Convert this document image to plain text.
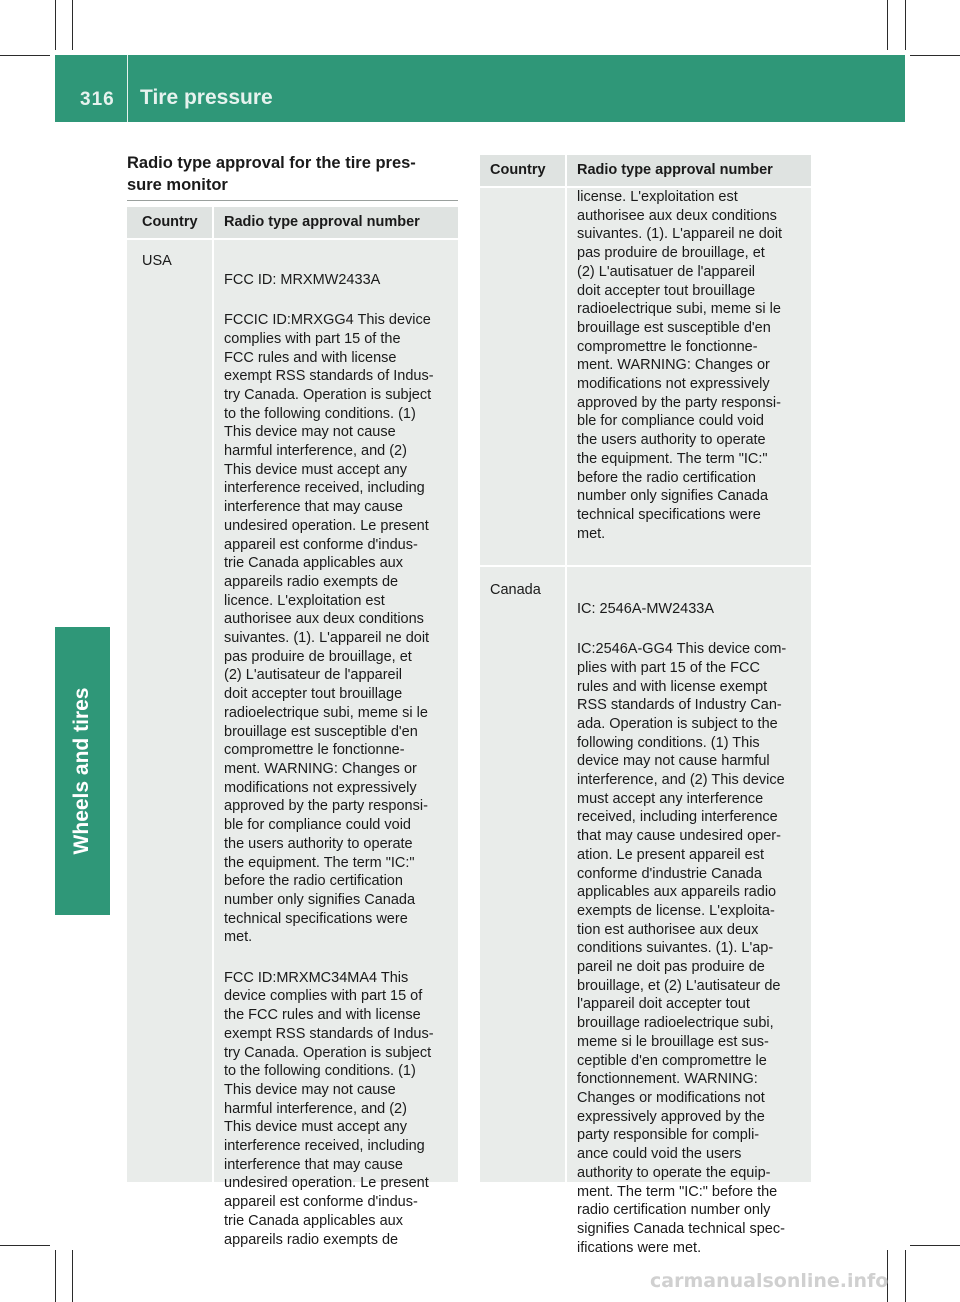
316 Tire pressure
Wheels and tires
Radio type approval for the tire pres-
sure monitor
Country Radio type approval number
USA

FCC ID: MRXMW2433A

FCCIC ID:MRXGG4 This device
complies with part 15 of the
FCC rules and with license
exempt RSS standards of Indus-
try Canada. Operation is subject
to the following conditions. (1)
This device may not cause
harmful interference, and (2)
This device must accept any
interference received, including
interference that may cause
undesired operation. Le present
appareil est conforme d'indus-
trie Canada applicables aux
appareils radio exempts de
licence. L'exploitation est
authorisee aux deux conditions
suivantes. (1). L'appareil ne doit
pas produire de brouillage, et
(2) L'autisateur de l'appareil
doit accepter tout brouillage
radioelectrique subi, meme si le
brouillage est susceptible d'en
compromettre le fonctionne-
ment. WARNING: Changes or
modifications not expressively
approved by the party responsi-
ble for compliance could void
the users authority to operate
the equipment. The term "IC:"
before the radio certification
number only signifies Canada
technical specifications were
met.

FCC ID:MRXMC34MA4 This
device complies with part 15 of
the FCC rules and with license
exempt RSS standards of Indus-
try Canada. Operation is subject
to the following conditions. (1)
This device may not cause
harmful interference, and (2)
This device must accept any
interference received, including
interference that may cause
undesired operation. Le present
appareil est conforme d'indus-
trie Canada applicables aux
appareils radio exempts de

Country Radio type approval number
license. L'exploitation est
authorisee aux deux conditions
suivantes. (1). L'appareil ne doit
pas produire de brouillage, et
(2) L'autisatuer de l'appareil
doit accepter tout brouillage
radioelectrique subi, meme si le
brouillage est susceptible d'en
compromettre le fonctionne-
ment. WARNING: Changes or
modifications not expressively
approved by the party responsi-
ble for compliance could void
the users authority to operate
the equipment. The term "IC:"
before the radio certification
number only signifies Canada
technical specifications were
met.
Canada

IC: 2546A-MW2433A

IC:2546A-GG4 This device com-
plies with part 15 of the FCC
rules and with license exempt
RSS standards of Industry Can-
ada. Operation is subject to the
following conditions. (1) This
device may not cause harmful
interference, and (2) This device
must accept any interference
received, including interference
that may cause undesired oper-
ation. Le present appareil est
conforme d'industrie Canada
applicables aux appareils radio
exempts de license. L'exploita-
tion est authorisee aux deux
conditions suivantes. (1). L'ap-
pareil ne doit pas produire de
brouillage, et (2) L'autisateur de
l'appareil doit accepter tout
brouillage radioelectrique subi,
meme si le brouillage est sus-
ceptible d'en compromettre le
fonctionnement. WARNING:
Changes or modifications not
expressively approved by the
party responsible for compli-
ance could void the users
authority to operate the equip-
ment. The term "IC:" before the
radio certification number only
signifies Canada technical spec-
ifications were met.

carmanualsonline.info
